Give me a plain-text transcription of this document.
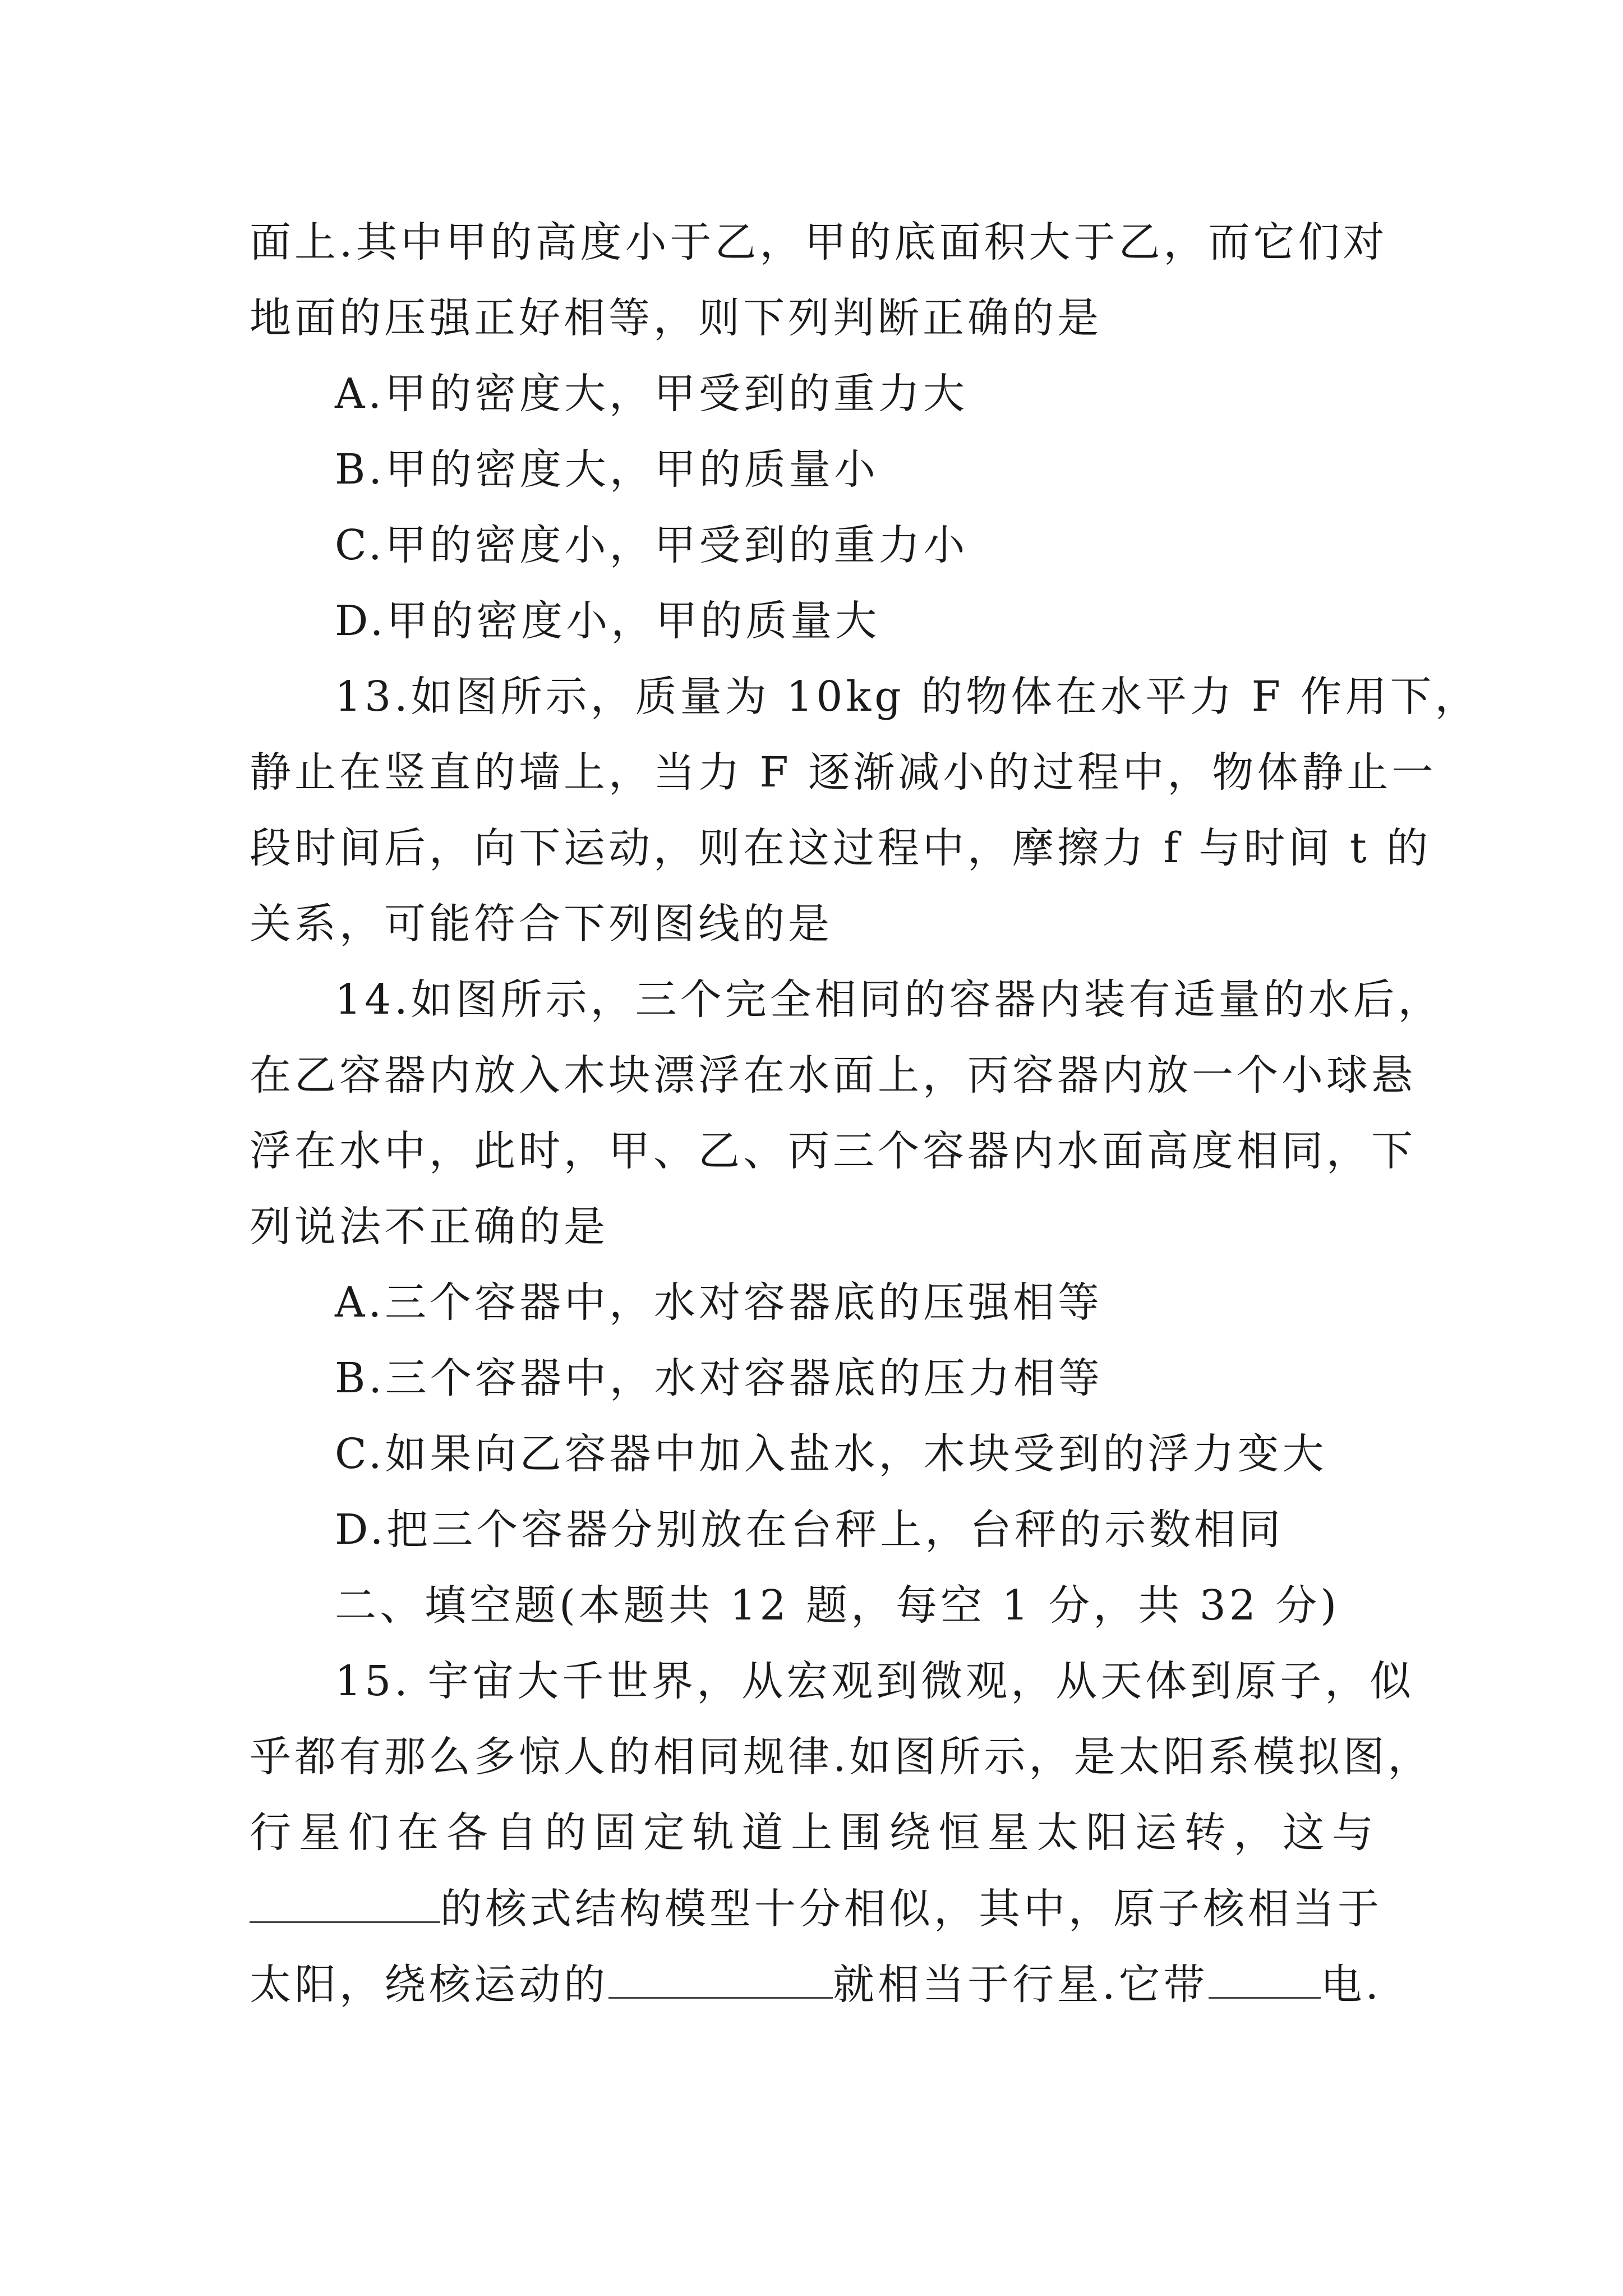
面上.其中甲的高度小于乙，甲的底面积大于乙，而它们对
地面的压强正好相等，则下列判断正确的是
A.甲的密度大，甲受到的重力大
B.甲的密度大，甲的质量小
C.甲的密度小，甲受到的重力小
D.甲的密度小，甲的质量大
13.如图所示，质量为 10kg 的物体在水平力 F 作用下，
静止在竖直的墙上，当力 F 逐渐减小的过程中，物体静止一
段时间后，向下运动，则在这过程中，摩擦力 f 与时间 t 的
关系，可能符合下列图线的是
14.如图所示，三个完全相同的容器内装有适量的水后，
在乙容器内放入木块漂浮在水面上，丙容器内放一个小球悬
浮在水中，此时，甲、乙、丙三个容器内水面高度相同，下
列说法不正确的是
A.三个容器中，水对容器底的压强相等
B.三个容器中，水对容器底的压力相等
C.如果向乙容器中加入盐水，木块受到的浮力变大
D.把三个容器分别放在台秤上，台秤的示数相同
二、填空题(本题共 12 题，每空 1 分，共 32 分)
15. 宇宙大千世界，从宏观到微观，从天体到原子，似
乎都有那么多惊人的相同规律.如图所示，是太阳系模拟图，
行星们在各自的固定轨道上围绕恒星太阳运转，这与
的核式结构模型十分相似，其中，原子核相当于
太阳，绕核运动的	就相当于行星.它带	电.
